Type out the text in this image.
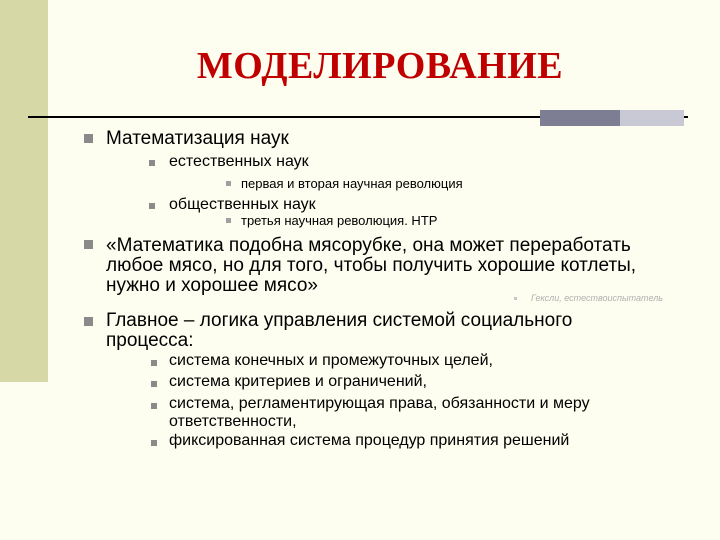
МОДЕЛИРОВАНИЕ
Математизация наук
естественных наук
первая и вторая научная революция
общественных наук
третья научная революция. НТР
«Математика подобна мясорубке, она может переработать
любое мясо, но для того, чтобы получить хорошие котлеты,
нужно и хорошее мясо»
Гексли, естествоиспытатель
Главное – логика управления системой социального
процесса:
система конечных и промежуточных целей,
система критериев и ограничений,
система, регламентирующая права, обязанности и меру
ответственности,
фиксированная система процедур принятия решений
